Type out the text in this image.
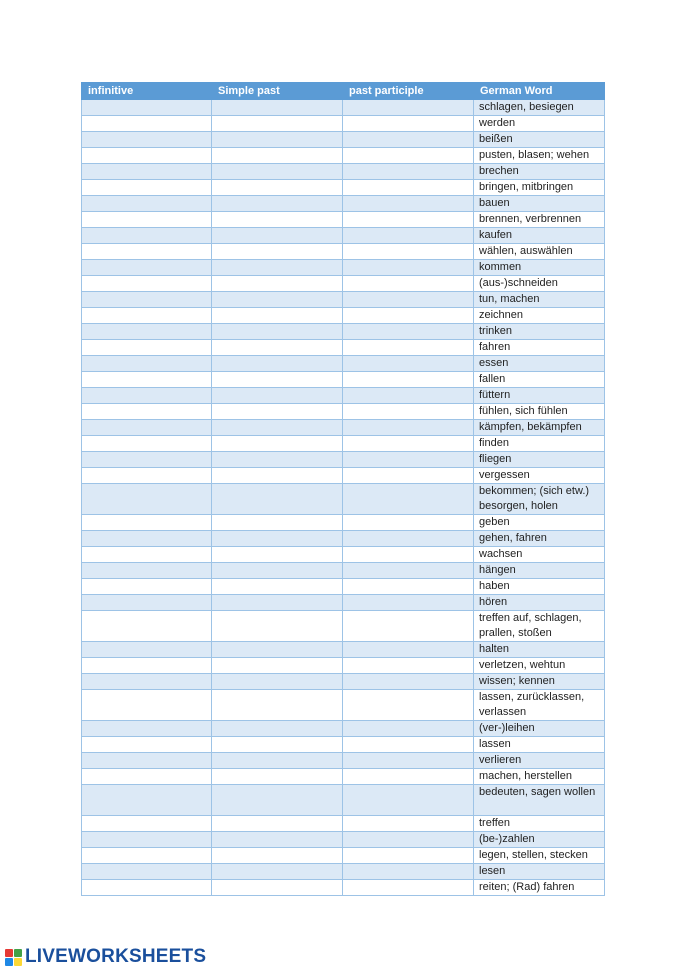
infinitive	Simple past	past participle	German Word
			schlagen, besiegen
			werden
			beißen
			pusten, blasen; wehen
			brechen
			bringen, mitbringen
			bauen
			brennen, verbrennen
			kaufen
			wählen, auswählen
			kommen
			(aus-)schneiden
			tun, machen
			zeichnen
			trinken
			fahren
			essen
			fallen
			füttern
			fühlen, sich fühlen
			kämpfen, bekämpfen
			finden
			fliegen
			vergessen
			bekommen; (sich etw.) besorgen, holen
			geben
			gehen, fahren
			wachsen
			hängen
			haben
			hören
			treffen auf, schlagen, prallen, stoßen
			halten
			verletzen, wehtun
			wissen; kennen
			lassen, zurücklassen, verlassen
			(ver-)leihen
			lassen
			verlieren
			machen, herstellen
			bedeuten, sagen wollen
			treffen
			(be-)zahlen
			legen, stellen, stecken
			lesen
			reiten; (Rad) fahren
LIVEWORKSHEETS
